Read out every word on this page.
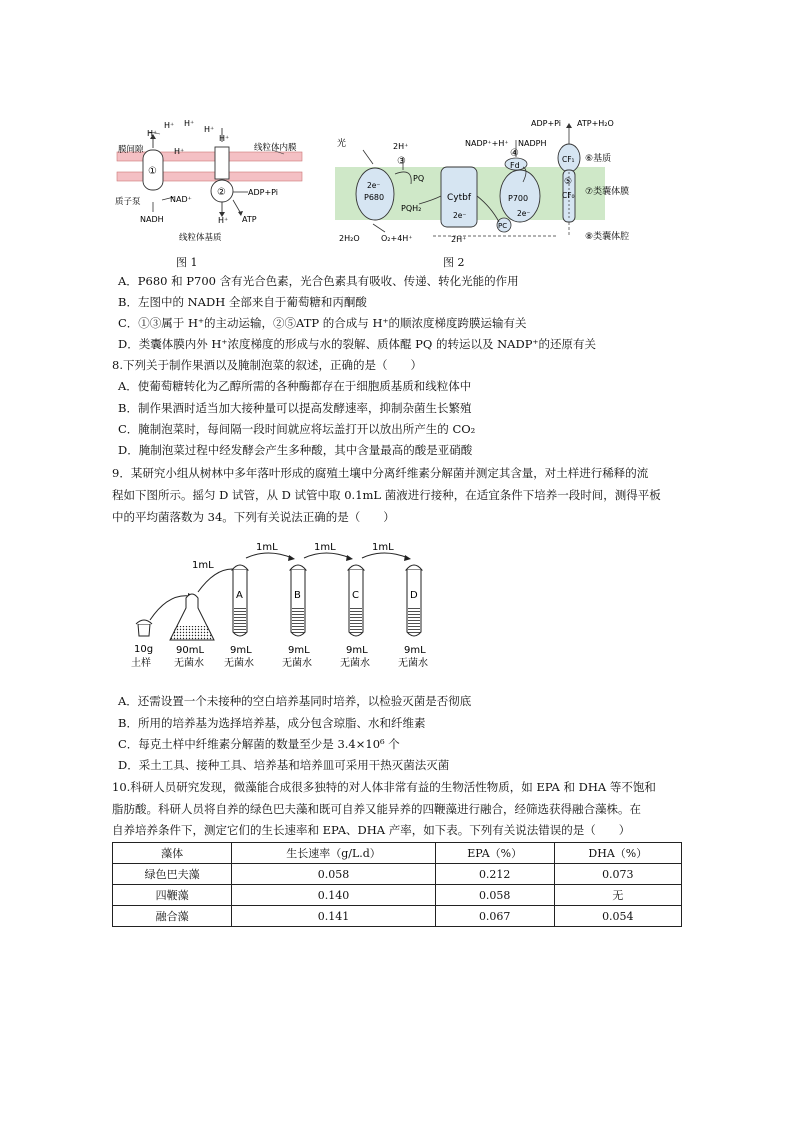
H⁺ H⁺
H⁺	H⁺
H⁺
H⁺
膜间隙	线粒体内膜
①
②
质子泵	NAD⁺
NADH
ADP+Pi
ATP
H⁺
线粒体基质
图 1
光	2H⁺
③
2e⁻
P680
PQ
PQH₂
Cytbf
2e⁻
2H₂O	O₂+4H⁺	2H⁺
NADP⁺+H⁺ NADPH
④
Fd
P700
2e⁻
PC
ADP+Pi ATP+H₂O
CF₁
⑤
CF₀
⑥基质
⑦类囊体膜
⑧类囊体腔
图 2
A．P680 和 P700 含有光合色素，光合色素具有吸收、传递、转化光能的作用
B．左图中的 NADH 全部来自于葡萄糖和丙酮酸
C．①③属于 H⁺的主动运输，②⑤ATP 的合成与 H⁺的顺浓度梯度跨膜运输有关
D．类囊体膜内外 H⁺浓度梯度的形成与水的裂解、质体醌 PQ 的转运以及 NADP⁺的还原有关
8.下列关于制作果酒以及腌制泡菜的叙述，正确的是（　　）
A．使葡萄糖转化为乙醇所需的各种酶都存在于细胞质基质和线粒体中
B．制作果酒时适当加大接种量可以提高发酵速率，抑制杂菌生长繁殖
C．腌制泡菜时，每间隔一段时间就应将坛盖打开以放出所产生的 CO₂
D．腌制泡菜过程中经发酵会产生多种酸，其中含量最高的酸是亚硝酸
9．某研究小组从树林中多年落叶形成的腐殖土壤中分离纤维素分解菌并测定其含量，对土样进行稀释的流
程如下图所示。摇匀 D 试管，从 D 试管中取 0.1mL 菌液进行接种，在适宜条件下培养一段时间，测得平板
中的平均菌落数为 34。下列有关说法正确的是（　　）
1mL
1mL	1mL	1mL
A	B	C	D
10g
土样
90mL
无菌水
9mL
无菌水
9mL
无菌水
9mL
无菌水
9mL
无菌水
A．还需设置一个未接种的空白培养基同时培养，以检验灭菌是否彻底
B．所用的培养基为选择培养基，成分包含琼脂、水和纤维素
C．每克土样中纤维素分解菌的数量至少是 3.4×10⁶ 个
D．采土工具、接种工具、培养基和培养皿可采用干热灭菌法灭菌
10.科研人员研究发现，微藻能合成很多独特的对人体非常有益的生物活性物质，如 EPA 和 DHA 等不饱和
脂肪酸。科研人员将自养的绿色巴夫藻和既可自养又能异养的四鞭藻进行融合，经筛选获得融合藻株。在
自养培养条件下，测定它们的生长速率和 EPA、DHA 产率，如下表。下列有关说法错误的是（　　）
藻体	生长速率（g/L.d）	EPA（%）	DHA（%）
绿色巴夫藻	0.058	0.212	0.073
四鞭藻	0.140	0.058	无
融合藻	0.141	0.067	0.054
